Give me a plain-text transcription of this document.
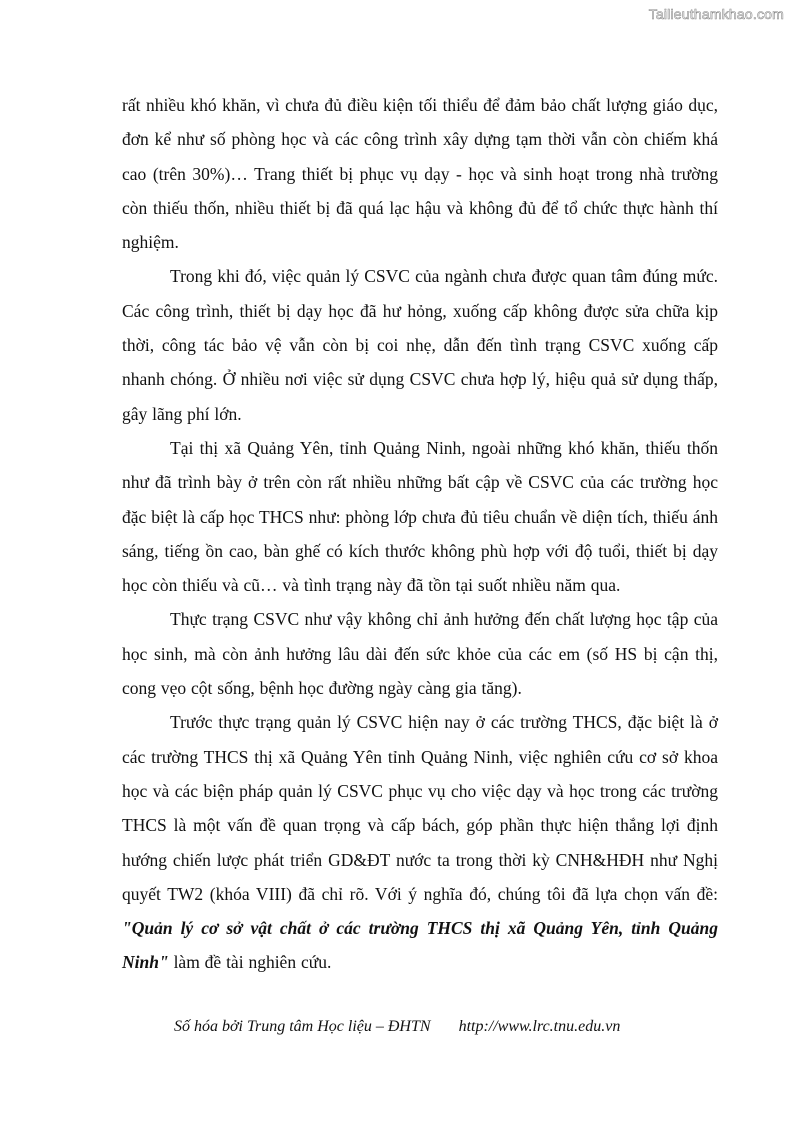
Tailieuthamkhao.com

rất nhiều khó khăn, vì chưa đủ điều kiện tối thiểu để đảm bảo chất lượng giáo dục, đơn kể như số phòng học và các công trình xây dựng tạm thời vẫn còn chiếm khá cao (trên 30%)… Trang thiết bị phục vụ dạy - học và sinh hoạt trong nhà trường còn thiếu thốn, nhiều thiết bị đã quá lạc hậu và không đủ để tổ chức thực hành thí nghiệm.

Trong khi đó, việc quản lý CSVC của ngành chưa được quan tâm đúng mức. Các công trình, thiết bị dạy học đã hư hỏng, xuống cấp không được sửa chữa kịp thời, công tác bảo vệ vẫn còn bị coi nhẹ, dẫn đến tình trạng CSVC xuống cấp nhanh chóng. Ở nhiều nơi việc sử dụng CSVC chưa hợp lý, hiệu quả sử dụng thấp, gây lãng phí lớn.

Tại thị xã Quảng Yên, tỉnh Quảng Ninh, ngoài những khó khăn, thiếu thốn như đã trình bày ở trên còn rất nhiều những bất cập về CSVC của các trường học đặc biệt là cấp học THCS như: phòng lớp chưa đủ tiêu chuẩn về diện tích, thiếu ánh sáng, tiếng ồn cao, bàn ghế có kích thước không phù hợp với độ tuổi, thiết bị dạy học còn thiếu và cũ… và tình trạng này đã tồn tại suốt nhiều năm qua.

Thực trạng CSVC như vậy không chỉ ảnh hưởng đến chất lượng học tập của học sinh, mà còn ảnh hưởng lâu dài đến sức khỏe của các em (số HS bị cận thị, cong vẹo cột sống, bệnh học đường ngày càng gia tăng).

Trước thực trạng quản lý CSVC hiện nay ở các trường THCS, đặc biệt là ở các trường THCS thị xã Quảng Yên tỉnh Quảng Ninh, việc nghiên cứu cơ sở khoa học và các biện pháp quản lý CSVC phục vụ cho việc dạy và học trong các trường THCS là một vấn đề quan trọng và cấp bách, góp phần thực hiện thắng lợi định hướng chiến lược phát triển GD&ĐT nước ta trong thời kỳ CNH&HĐH như Nghị quyết TW2 (khóa VIII) đã chỉ rõ. Với ý nghĩa đó, chúng tôi đã lựa chọn vấn đề: "Quản lý cơ sở vật chất ở các trường THCS thị xã Quảng Yên, tỉnh Quảng Ninh" làm đề tài nghiên cứu.

Số hóa bởi Trung tâm Học liệu – ĐHTN http://www.lrc.tnu.edu.vn
